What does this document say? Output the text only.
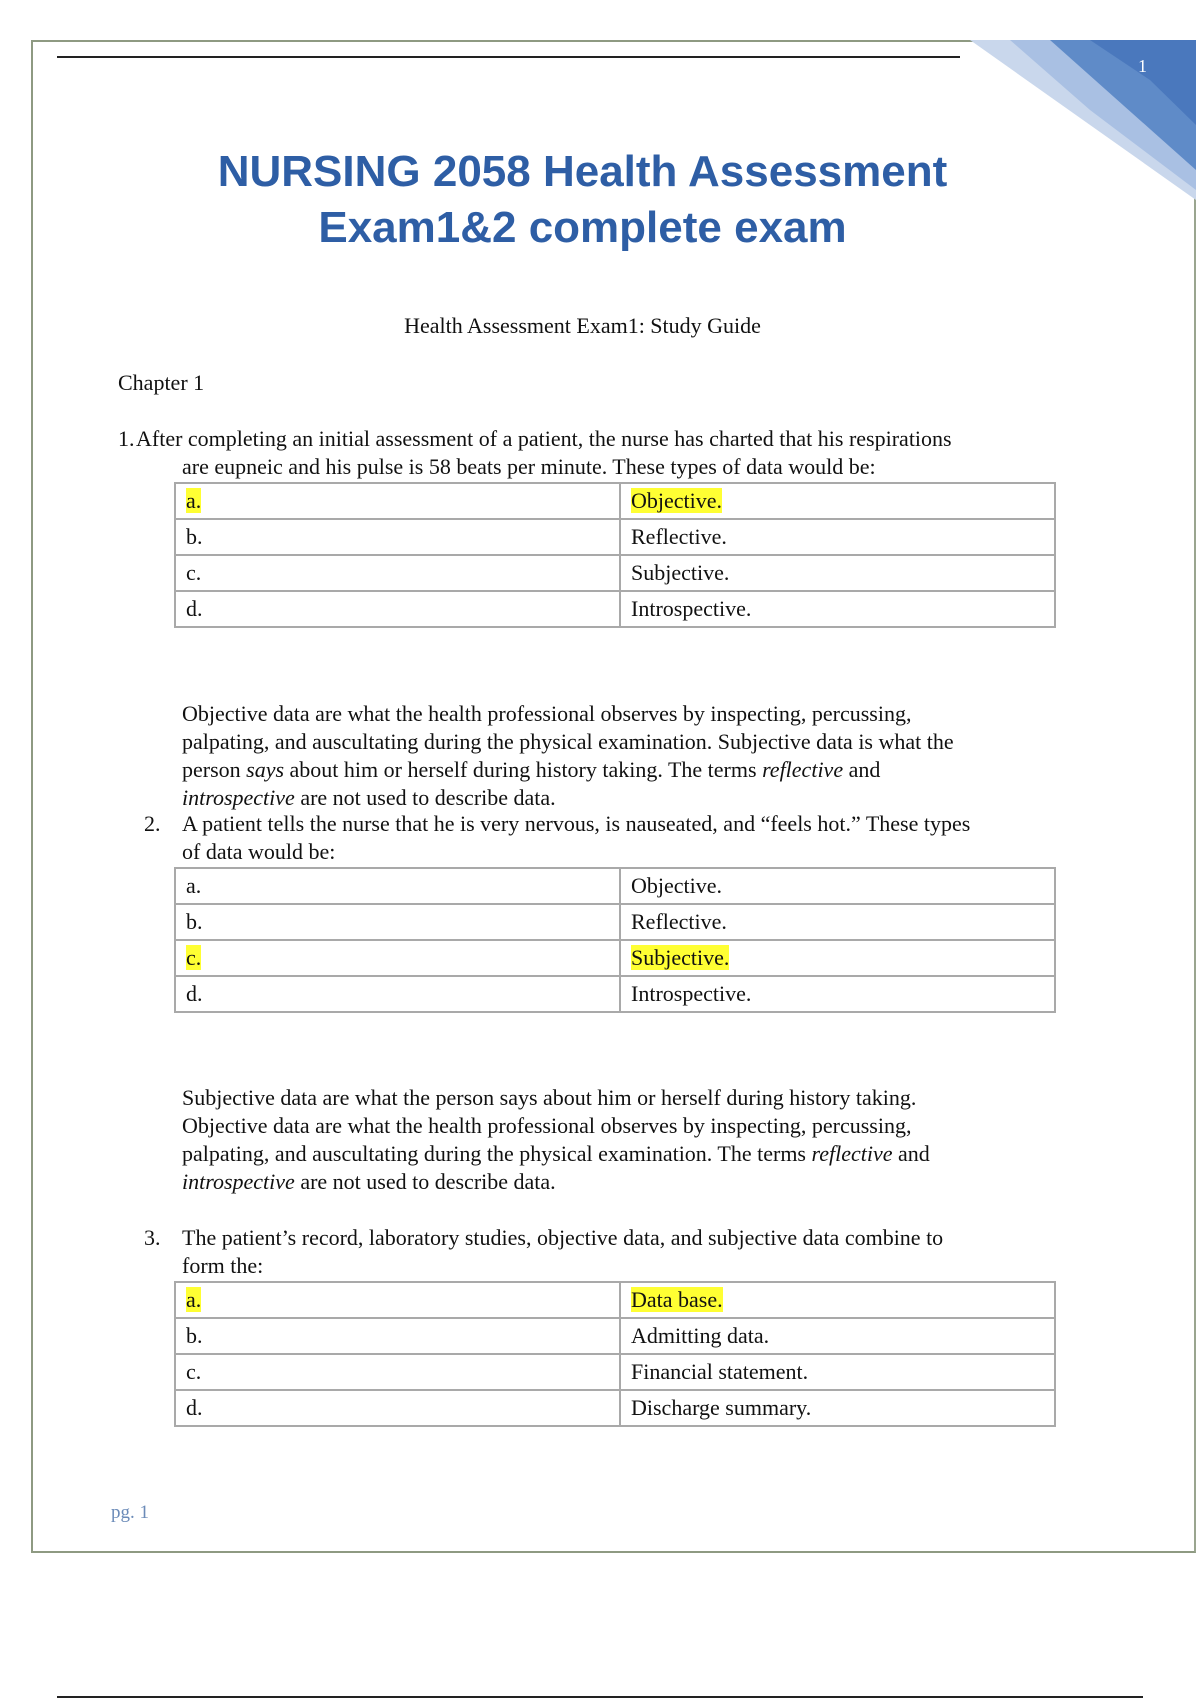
1
NURSING 2058 Health Assessment
Exam1&2 complete exam
Health Assessment Exam1: Study Guide
Chapter 1
1. After completing an initial assessment of a patient, the nurse has charted that his respirations
are eupneic and his pulse is 58 beats per minute. These types of data would be:
a.	Objective.
b.	Reflective.
c.	Subjective.
d.	Introspective.
Objective data are what the health professional observes by inspecting, percussing,
palpating, and auscultating during the physical examination. Subjective data is what the
person says about him or herself during history taking. The terms reflective and
introspective are not used to describe data.
2. A patient tells the nurse that he is very nervous, is nauseated, and “feels hot.” These types
of data would be:
a.	Objective.
b.	Reflective.
c.	Subjective.
d.	Introspective.
Subjective data are what the person says about him or herself during history taking.
Objective data are what the health professional observes by inspecting, percussing,
palpating, and auscultating during the physical examination. The terms reflective and
introspective are not used to describe data.
3. The patient’s record, laboratory studies, objective data, and subjective data combine to
form the:
a.	Data base.
b.	Admitting data.
c.	Financial statement.
d.	Discharge summary.
pg. 1
